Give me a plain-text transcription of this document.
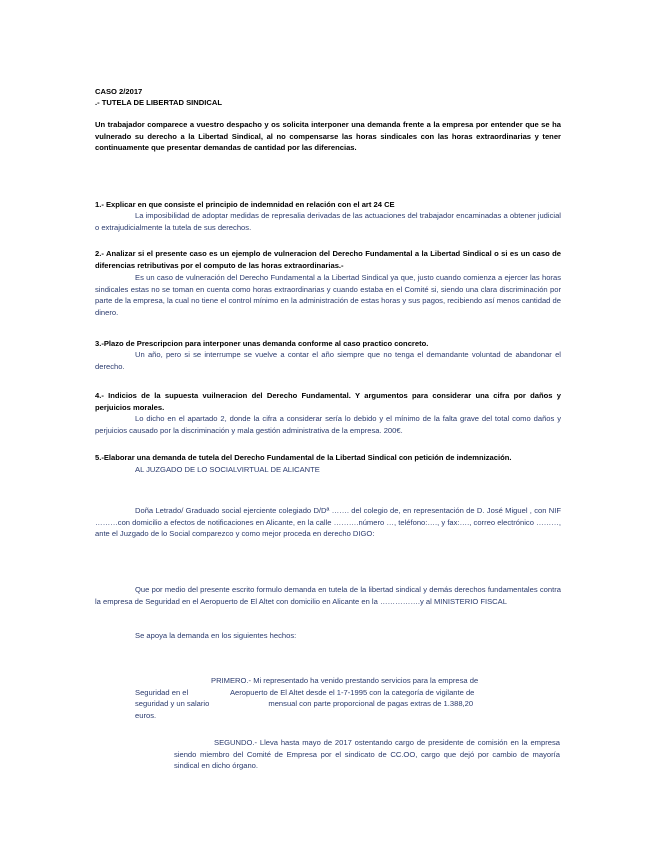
CASO 2/2017
.- TUTELA DE LIBERTAD SINDICAL
Un trabajador comparece a vuestro despacho y os solicita interponer una demanda frente a la empresa por entender que se ha vulnerado su derecho a la Libertad Sindical, al no compensarse las horas sindicales con las horas extraordinarias y tener continuamente que presentar demandas de cantidad por las diferencias.
1.- Explicar en que consiste el principio de indemnidad en relación con el art 24 CE
La imposibilidad de adoptar medidas de represalia derivadas de las actuaciones del trabajador encaminadas a obtener judicial o extrajudicialmente la tutela de sus derechos.
2.- Analizar si el presente caso es un ejemplo de vulneracion del Derecho Fundamental a la Libertad Sindical o si es un caso de diferencias retributivas por el computo de las horas extraordinarias.-
Es un caso de vulneración del Derecho Fundamental a la Libertad Sindical ya que, justo cuando comienza a ejercer las horas sindicales estas no se toman en cuenta como horas extraordinarias y cuando estaba en el Comité si, siendo una clara discriminación por parte de la empresa, la cual no tiene el control mínimo en la administración de estas horas y sus pagos, recibiendo así menos cantidad de dinero.
3.-Plazo de Prescripcion para interponer unas demanda conforme al caso practico concreto.
Un año, pero si se interrumpe se vuelve a contar el año siempre que no tenga el demandante voluntad de abandonar el derecho.
4.- Indicios de la supuesta vuilneracion del Derecho Fundamental. Y argumentos para considerar una cifra por daños y perjuicios morales.
Lo dicho en el apartado 2, donde la cifra a considerar sería lo debido y el mínimo de la falta grave del total como daños y perjuicios causado por la discriminación y mala gestión administrativa de la empresa. 200€.
5.-Elaborar una demanda de tutela del Derecho Fundamental de la Libertad Sindical con petición de indemnización.
AL JUZGADO DE LO SOCIALVIRTUAL DE ALICANTE
Doña Letrado/ Graduado social ejerciente colegiado D/Dª ……. del colegio de, en representación de D. José Miguel , con NIF ………con domicilio a efectos de notificaciones en Alicante, en la calle ……….número …, teléfono:…., y fax:…., correo electrónico ………, ante el Juzgado de lo Social comparezco y como mejor proceda en derecho DIGO:
Que por medio del presente escrito formulo demanda en tutela de la libertad sindical y demás derechos fundamentales contra la empresa de Seguridad en el Aeropuerto de El Altet con domicilio en Alicante en la …………….y al MINISTERIO FISCAL
Se apoya la demanda en los siguientes hechos:
PRIMERO.- Mi representado ha venido prestando servicios para la empresa de
Seguridad en el                    Aeropuerto de El Altet desde el 1-7-1995 con la categoría de vigilante de
seguridad y un salario                            mensual con parte proporcional de pagas extras de 1.388,20
euros.
SEGUNDO.- Lleva hasta mayo de 2017 ostentando cargo de presidente de comisión en la empresa siendo miembro del Comité de Empresa por el sindicato de CC.OO, cargo que dejó por cambio de mayoría sindical en dicho órgano.
